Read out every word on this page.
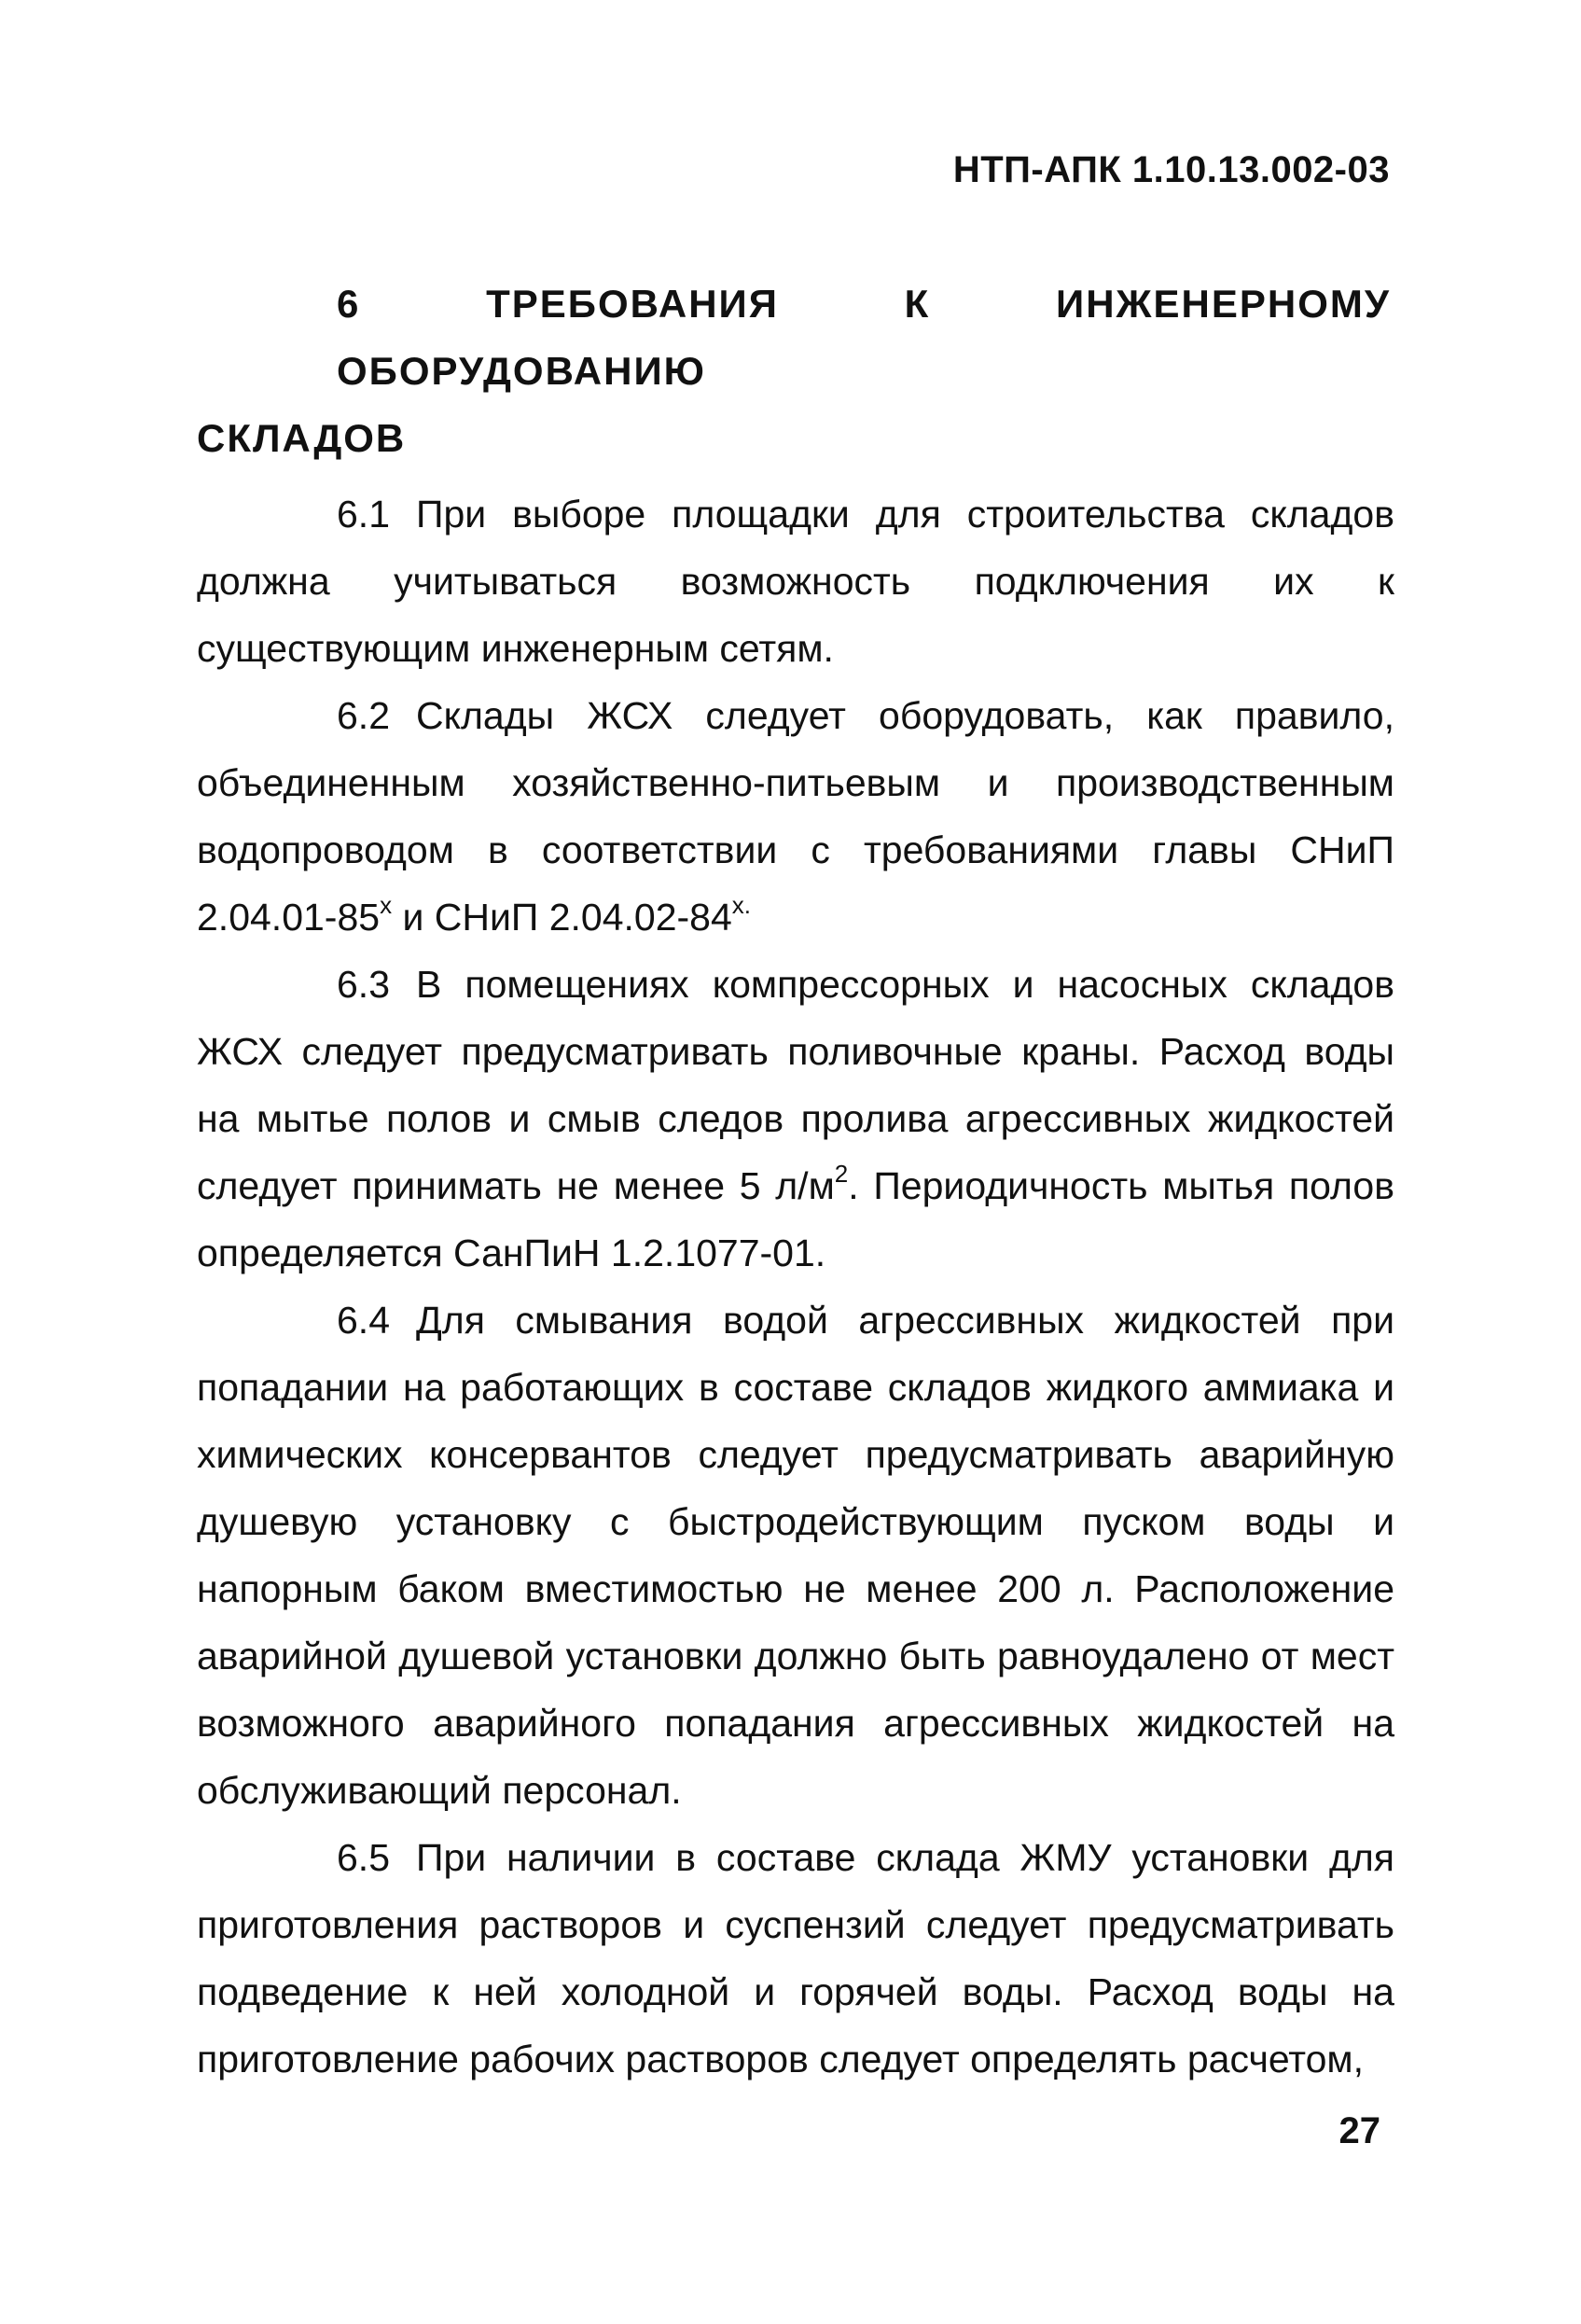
НТП-АПК 1.10.13.002-03
6 ТРЕБОВАНИЯ К ИНЖЕНЕРНОМУ ОБОРУДОВАНИЮ
СКЛАДОВ

6.1 При выборе площадки для строительства складов должна учитываться возможность подключения их к существующим инженерным сетям.

6.2 Склады ЖСХ следует оборудовать, как правило, объединенным хозяйственно-питьевым и производственным водопроводом в соответствии с требованиями главы СНиП $2.04.01-85^х$ и СНиП $2.04.02-84^{х.}$

6.3 В помещениях компрессорных и насосных складов ЖСХ следует предусматривать поливочные краны. Расход воды на мытье полов и смыв следов пролива агрессивных жидкостей следует принимать не менее 5 $л/м^2$. Периодичность мытья полов определяется СанПиН 1.2.1077-01.

6.4 Для смывания водой агрессивных жидкостей при попадании на работающих в составе складов жидкого аммиака и химических консервантов следует предусматривать аварийную душевую установку с быстродействующим пуском воды и напорным баком вместимостью не менее 200 л. Расположение аварийной душевой установки должно быть равноудалено от мест возможного аварийного попадания агрессивных жидкостей на обслуживающий персонал.

6.5 При наличии в составе склада ЖМУ установки для приготовления растворов и суспензий следует предусматривать подведение к ней холодной и горячей воды. Расход воды на приготовление рабочих растворов следует определять расчетом,

27
